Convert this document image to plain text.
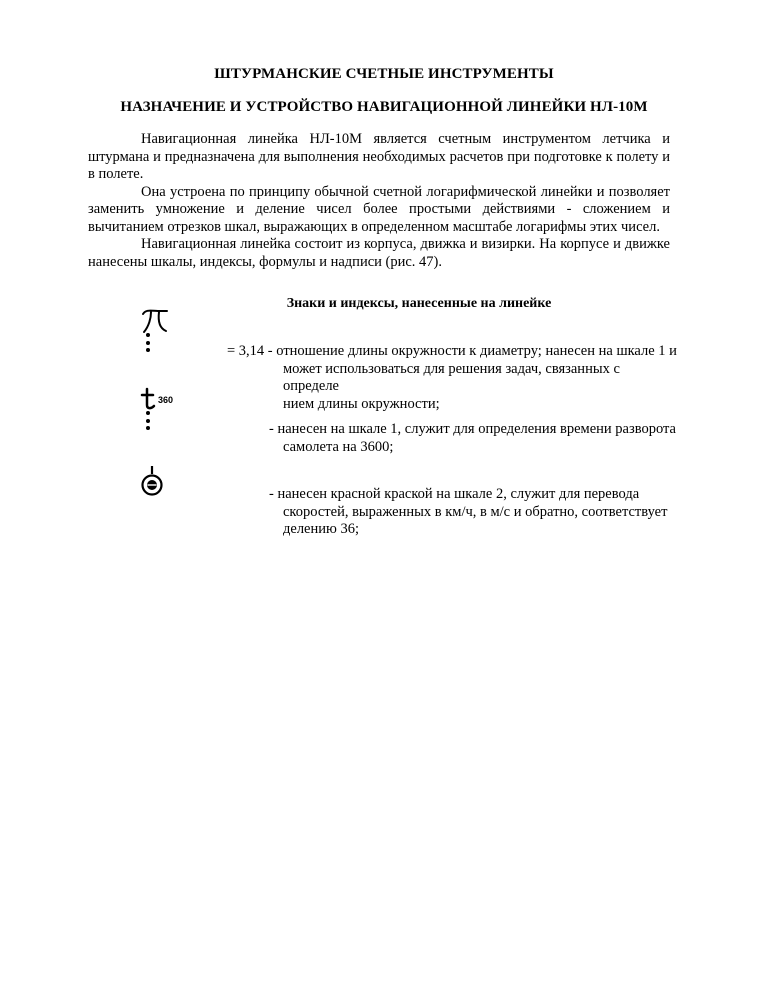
ШТУРМАНСКИЕ СЧЕТНЫЕ ИНСТРУМЕНТЫ
НАЗНАЧЕНИЕ И УСТРОЙСТВО НАВИГАЦИОННОЙ ЛИНЕЙКИ НЛ-10М

Навигационная линейка НЛ-10М является счетным инструментом летчика и штурмана и предназначена для выполнения необходимых расчетов при подготовке к полету и в полете.

Она устроена по принципу обычной счетной логарифмической линейки и позволяет заменить умножение и деление чисел более простыми действиями - сложением и вычитанием отрезков шкал, выражающих в определенном масштабе логарифмы этих чисел.

Навигационная линейка состоит из корпуса, движка и визирки. На корпусе и движке нанесены шкалы, индексы, формулы и надписи (рис. 47).

Знаки и индексы, нанесенные на линейке
= 3,14 - отношение длины окружности к диаметру; нанесен на шкале 1 и
может использоваться для решения задач, связанных с определе
нием длины окружности;
360
- нанесен на шкале 1, служит для определения времени разворота
самолета на 3600;
- нанесен красной краской на шкале 2, служит для перевода
скоростей, выраженных в км/ч, в м/с и обратно, соответствует
делению 36;
